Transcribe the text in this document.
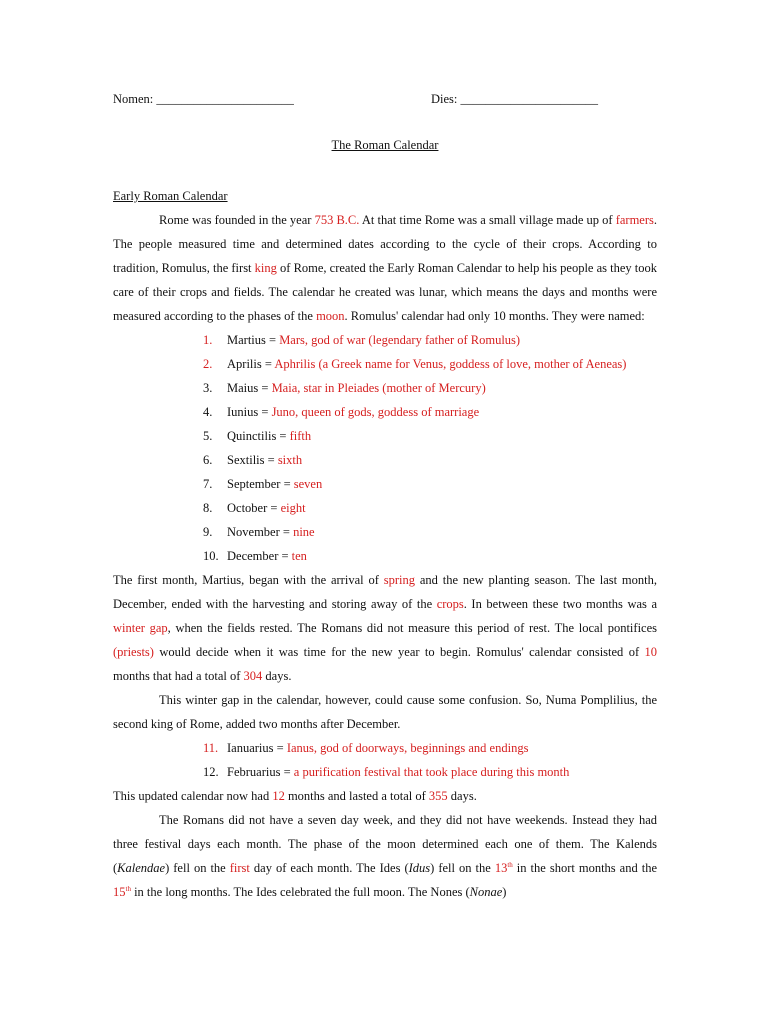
Nomen: ______________________	Dies: ______________________
The Roman Calendar

Early Roman Calendar

Rome was founded in the year 753 B.C. At that time Rome was a small village made up of farmers. The people measured time and determined dates according to the cycle of their crops. According to tradition, Romulus, the first king of Rome, created the Early Roman Calendar to help his people as they took care of their crops and fields. The calendar he created was lunar, which means the days and months were measured according to the phases of the moon. Romulus' calendar had only 10 months. They were named:

1.	Martius = Mars, god of war (legendary father of Romulus)
2.	Aprilis = Aphrilis (a Greek name for Venus, goddess of love, mother of Aeneas)
3.	Maius = Maia, star in Pleiades (mother of Mercury)
4.	Iunius = Juno, queen of gods, goddess of marriage
5.	Quinctilis = fifth
6.	Sextilis = sixth
7.	September = seven
8.	October = eight
9.	November = nine
10. December = ten

The first month, Martius, began with the arrival of spring and the new planting season. The last month, December, ended with the harvesting and storing away of the crops. In between these two months was a winter gap, when the fields rested. The Romans did not measure this period of rest. The local pontifices (priests) would decide when it was time for the new year to begin. Romulus' calendar consisted of 10 months that had a total of 304 days.

This winter gap in the calendar, however, could cause some confusion. So, Numa Pomplilius, the second king of Rome, added two months after December.

11. Ianuarius = Ianus, god of doorways, beginnings and endings
12. Februarius = a purification festival that took place during this month

This updated calendar now had 12 months and lasted a total of 355 days.

The Romans did not have a seven day week, and they did not have weekends. Instead they had three festival days each month. The phase of the moon determined each one of them. The Kalends (Kalendae) fell on the first day of each month. The Ides (Idus) fell on the 13th in the short months and the 15th in the long months. The Ides celebrated the full moon. The Nones (Nonae)
